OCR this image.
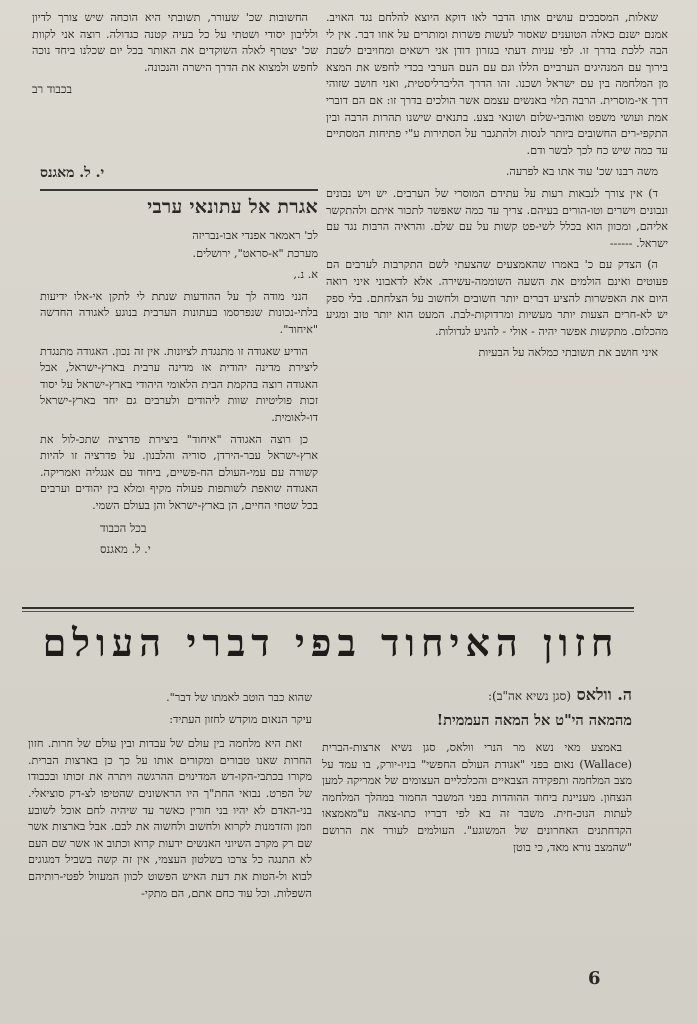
שאלות, המסבכים עושים אותו הדבר לאו דוקא היוצא להלחם נגד האויב. אמנם ישנם כאלה הטוענים שאסור לעשות פשרות ומותרים על אוזו דבר. אין לי הבה ללכת בדרך זו. לפי עניות דעתי בגזרון דודן אני רשאים ומחויבים לשבת בירוך עם המנהיגים הערביים הללו וגם עם העם הערבי בכדי לחפש את המצא מן המלחמה בין עם ישראל ושכנו. זהו הדרך הליברליסטית, ואני חושב שזוהי דרך אי-מוסרית. הרבה תלוי באנשים עצמם אשר הולכים בדרך זו: אם הם דוברי אמת ועושי משפט ואוהבי-שלום ושונאי בצע. בתנאים שישנו תהרות הרבה ובין התקפי-רים החשובים ביותר לנסות ולהתגבר על הסתירות ע"י פתיחות המסתיים עד כמה שיש כח לכך לבשר ודם.

משה רבנו שכ' עוד אתו בא לפרעה.

ד) אין צורך לנבאות רעות על עתידם המוסרי של הערבים. יש ויש נבונים ונבונים וישרים וטו-הורים בעיהם. צריך עד כמה שאפשר לתכור איתם ולהתקשר אליהם, ומכוון הוא בכלל לשי-פט קשות על עם שלם. והראיה הרבות נגד עם ישראל. ------

ה) הצדק עם כ' באמרו שהאמצעים שהצעתי לשם התקרבות לערבים הם פעוטים ואינם הולמים את השעה השוממה-עשירה. אלא לדאבוני איני רואה היום את האפשרות להציע דברים יותר חשובים ולחשוב על הצלחתם. בלי ספק יש לא-חרים הצעות יותר מעשיות ומרדוקות-לבת. המעט הוא יותר טוב ומגיע מהכלום. מתקשות אפשר יהיה - אולי - להגיע לגדולות.

איני חושב את תשובתי כמלאה על הבעיות

החשובות שכ' שעורר, תשובתי היא הוכחה שיש צורך לדיון ולליבון יסודי ושטתי על כל בעיה קטנה כגדולה. רוצה אני לקוות שכ' יצטרף לאלה השוקדים את האותר בכל יום שכלנו ביחד נוכה לחפש ולמצוא את הדרך הישרה והנכונה.

בכבוד רב

י. ל. מאגנס
אגרת אל עתונאי ערבי

לכ' ראמאר אפנדי אבו-נבריזה

מערכת "א-סראט", ירושלים.

א. נ.,

הנני מודה לך על ההודעות שנתת לי לתקן אי-אלו ידיעות בלתי-נכונות שנפרסמו בעתונות הערבית בנוגע לאגודה החדשה "איחוד".

הודיע שאגודה זו מתנגדת לציונות. אין זה נכון. האגודה מתנגדת ליצירת מדינה יהודית או מדינה ערבית בארץ-ישראל, אבל האגודה רוצה בהקמת הבית הלאומי היהודי בארץ-ישראל על יסוד זכות פוליטיות שוות ליהודים ולערבים גם יחד בארץ-ישראל דו-לאומית.

כן רוצה האגודה "איחוד" ביצירת פדרציה שתכ-לול את ארץ-ישראל עבר-הירדן, סוריה והלבנון. על פדרציה זו להיות קשורה עם עמי-העולם הח-פשיים, ביחוד עם אנגליה ואמריקה. האגודה שואפת לשותפות פעולה מקיף ומלא בין יהודים וערבים בכל שטחי החיים, הן בארץ-ישראל והן בעולם השמי.

בכל הכבוד

י. ל. מאגנס

חזון האיחוד בפי דברי העולם
ה. וולאס (סגן נשיא אה"ב):
מהמאה הי"ט אל המאה העממית!

באמצע מאי נשא מר הנרי וולאס, סגן נשיא ארצות-הברית (Wallace) נאום בפני "אגודת העולם החפשי" בניו-יורק, בו עמד על מצב המלחמה ותפקידה הצבאיים והכלכליים העצומים של אמריקה למען הנצחון. מעניינת ביחוד ההוהדות בפני המשבר החמור במהלך המלחמה לעתות הנוכ-חית. משבר זה בא לפי דבריו כתו-צאה ע"מאמצאו הקדחתנים האחרונים של המשוגע". העולמים לעורר את הרושם "שהמצב נורא מאד, כי בוטן

שהוא כבר הוטב לאמתו של דבר".

עיקר הנאום מוקדש לחזון העתיד:

זאת היא מלחמה בין עולם של עבדות ובין עולם של חרות. חזון החרות שאנו טבורים ומקורים אותו על כך כן בארצות הברית. מקורו בכתבי-הקו-דש המדינוים ההרגשה ויתרה את זכותו ובכבודו של הפרט. נבואי החת"ך היו הראשונים שהטיפו לצ-דק סוציאלי. בני-האדם לא יהיו בני חורין כאשר עד שיהיה לחם אוכל לשובע וזמן והזדמנות לקרוא ולחשוב ולחשוה את לבם. אבל בארצות אשר שם רק מקרב השיוני האנשים ידעות קרוא וכתוב או אשר שם העם לא התנגה כל צרכו בשלטון העצמי, אין זה קשה בשביל דמגוגים לבוא ול-הטות את דעת האיש הפשוט לכוון המעוול לפטי-רותיהם השפלות. וכל עוד כחם אתם, הם מתקי-

6
